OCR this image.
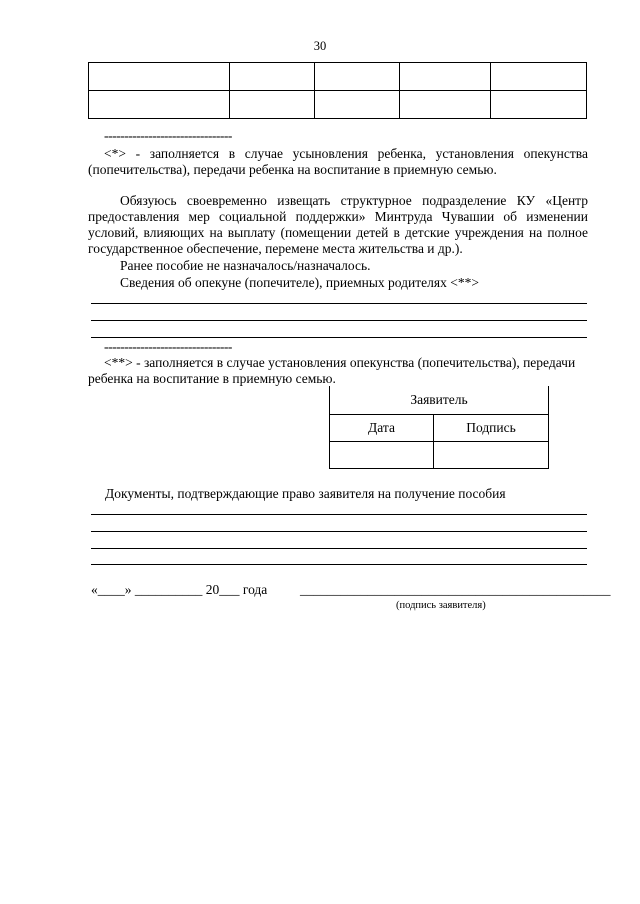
30

--------------------------------
<*> - заполняется в случае усыновления ребенка, установления опекунства (попечительства), передачи ребенка на воспитание в приемную семью.
Обязуюсь своевременно извещать структурное подразделение КУ «Центр предоставления мер социальной поддержки» Минтруда Чувашии об изменении условий, влияющих на выплату (помещении детей в детские учреждения на полное государственное обеспечение, перемене места жительства и др.).
Ранее пособие не назначалось/назначалось.
Сведения об опекуне (попечителе), приемных родителях <**>
--------------------------------
<**> - заполняется в случае установления опекунства (попечительства), передачи ребенка на воспитание в приемную семью.
Заявитель	
Дата	Подпись

Документы, подтверждающие право заявителя на получение пособия
«____» __________ 20___ года ______________________________________________
(подпись заявителя)
